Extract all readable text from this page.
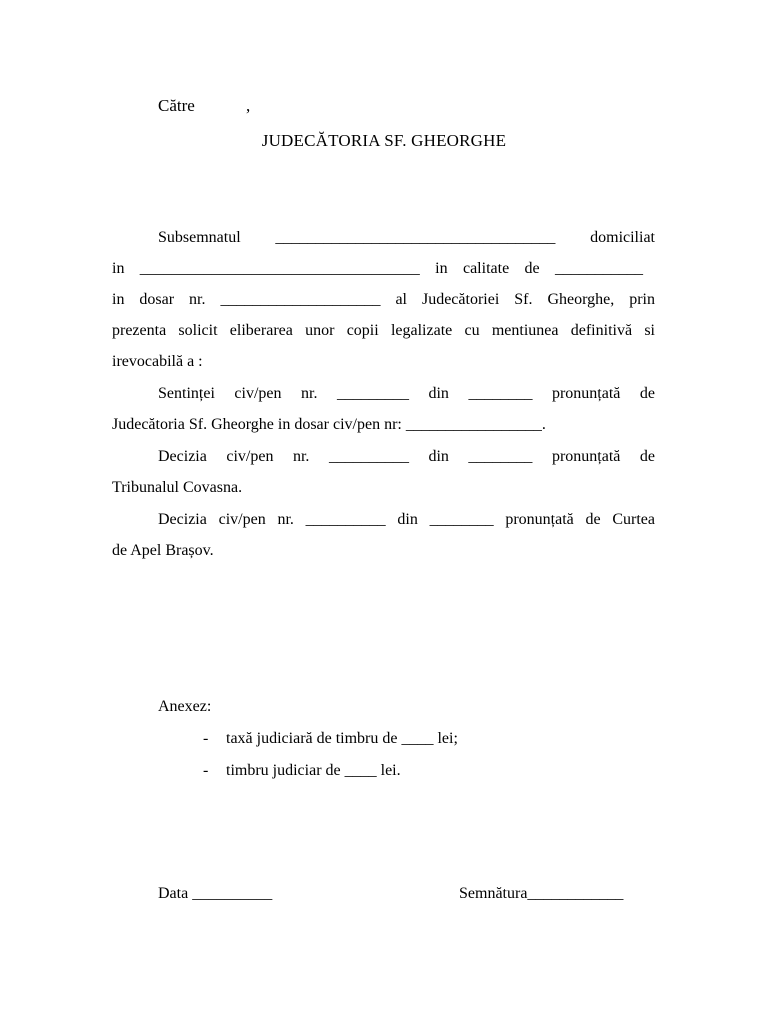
Către	,
JUDECĂTORIA SF. GHEORGHE
Subsemnatul ___________________________________ domiciliat
in ___________________________________ in calitate de ___________
in dosar nr. ____________________ al Judecătoriei Sf. Gheorghe, prin
prezenta solicit eliberarea unor copii legalizate cu mentiunea definitivă si
irevocabilă a :
Sentinței civ/pen nr. _________ din ________ pronunțată de
Judecătoria Sf. Gheorghe in dosar civ/pen nr: _________________.
Decizia civ/pen nr. __________ din ________ pronunțată de
Tribunalul Covasna.
Decizia civ/pen nr. __________ din ________ pronunțată de Curtea
de Apel Brașov.
Anexez:
- taxă judiciară de timbru de ____ lei;
- timbru judiciar de ____ lei.
Data __________	Semnătura____________
